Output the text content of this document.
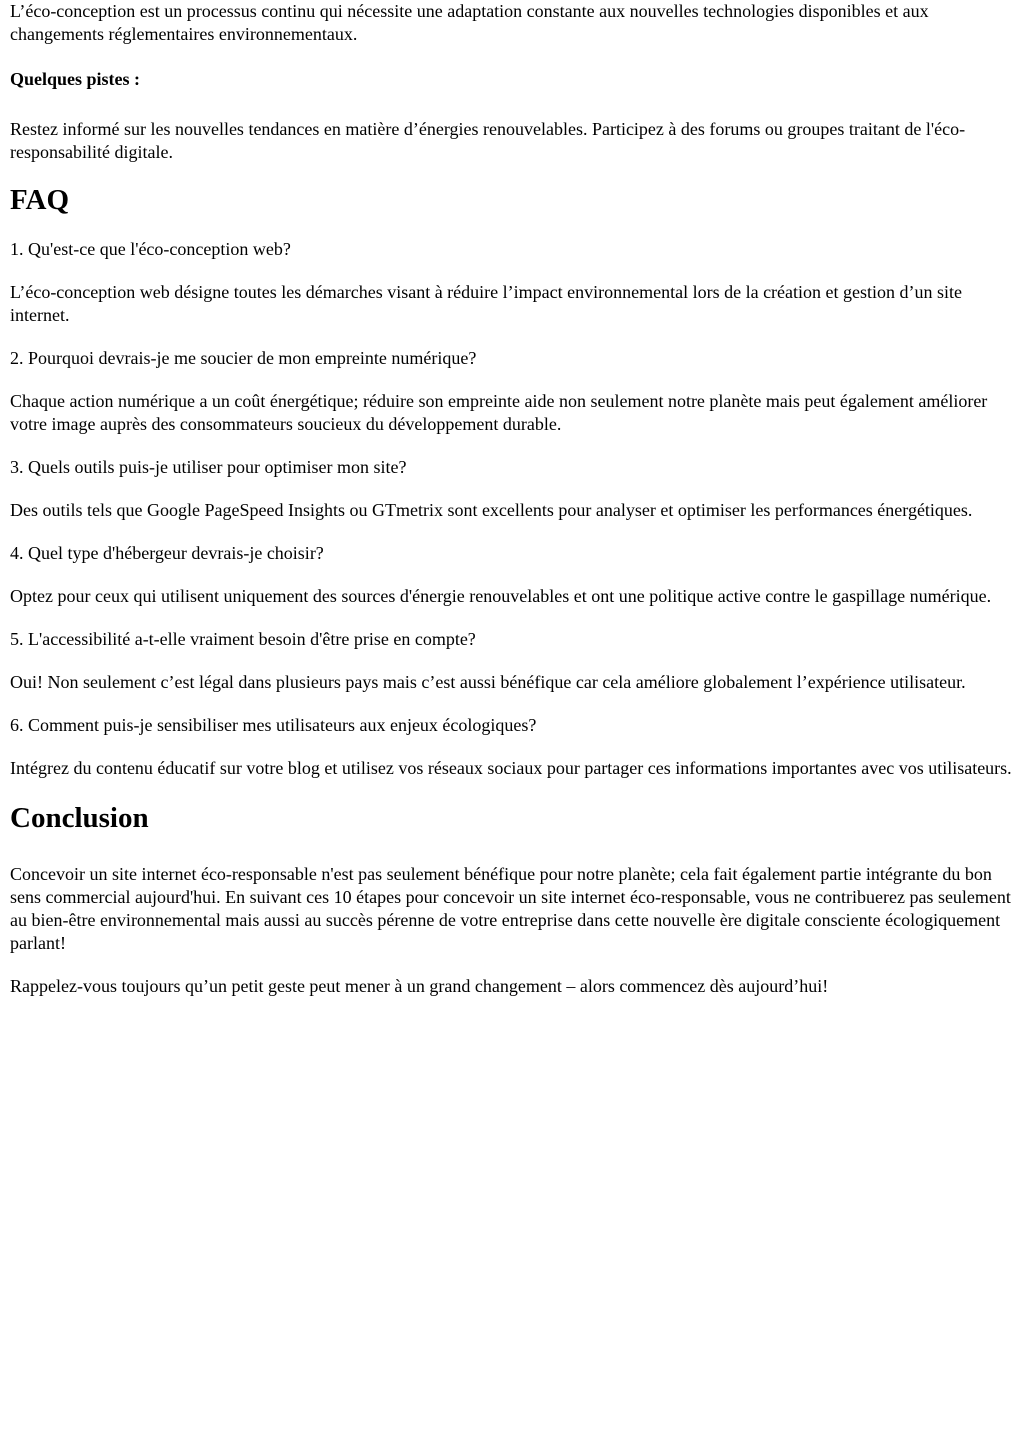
L’éco-conception est un processus continu qui nécessite une adaptation constante aux nouvelles technologies disponibles et aux changements réglementaires environnementaux.

Quelques pistes :

Restez informé sur les nouvelles tendances en matière d’énergies renouvelables. Participez à des forums ou groupes traitant de l'éco-responsabilité digitale.

FAQ

1. Qu'est-ce que l'éco-conception web?

L’éco-conception web désigne toutes les démarches visant à réduire l’impact environnemental lors de la création et gestion d’un site internet.

2. Pourquoi devrais-je me soucier de mon empreinte numérique?

Chaque action numérique a un coût énergétique; réduire son empreinte aide non seulement notre planète mais peut également améliorer votre image auprès des consommateurs soucieux du développement durable.

3. Quels outils puis-je utiliser pour optimiser mon site?

Des outils tels que Google PageSpeed Insights ou GTmetrix sont excellents pour analyser et optimiser les performances énergétiques.

4. Quel type d'hébergeur devrais-je choisir?

Optez pour ceux qui utilisent uniquement des sources d'énergie renouvelables et ont une politique active contre le gaspillage numérique.

5. L'accessibilité a-t-elle vraiment besoin d'être prise en compte?

Oui! Non seulement c’est légal dans plusieurs pays mais c’est aussi bénéfique car cela améliore globalement l’expérience utilisateur.

6. Comment puis-je sensibiliser mes utilisateurs aux enjeux écologiques?

Intégrez du contenu éducatif sur votre blog et utilisez vos réseaux sociaux pour partager ces informations importantes avec vos utilisateurs.

Conclusion

Concevoir un site internet éco-responsable n'est pas seulement bénéfique pour notre planète; cela fait également partie intégrante du bon sens commercial aujourd'hui. En suivant ces 10 étapes pour concevoir un site internet éco-responsable, vous ne contribuerez pas seulement au bien-être environnemental mais aussi au succès pérenne de votre entreprise dans cette nouvelle ère digitale consciente écologiquement parlant!

Rappelez-vous toujours qu’un petit geste peut mener à un grand changement – alors commencez dès aujourd’hui!
